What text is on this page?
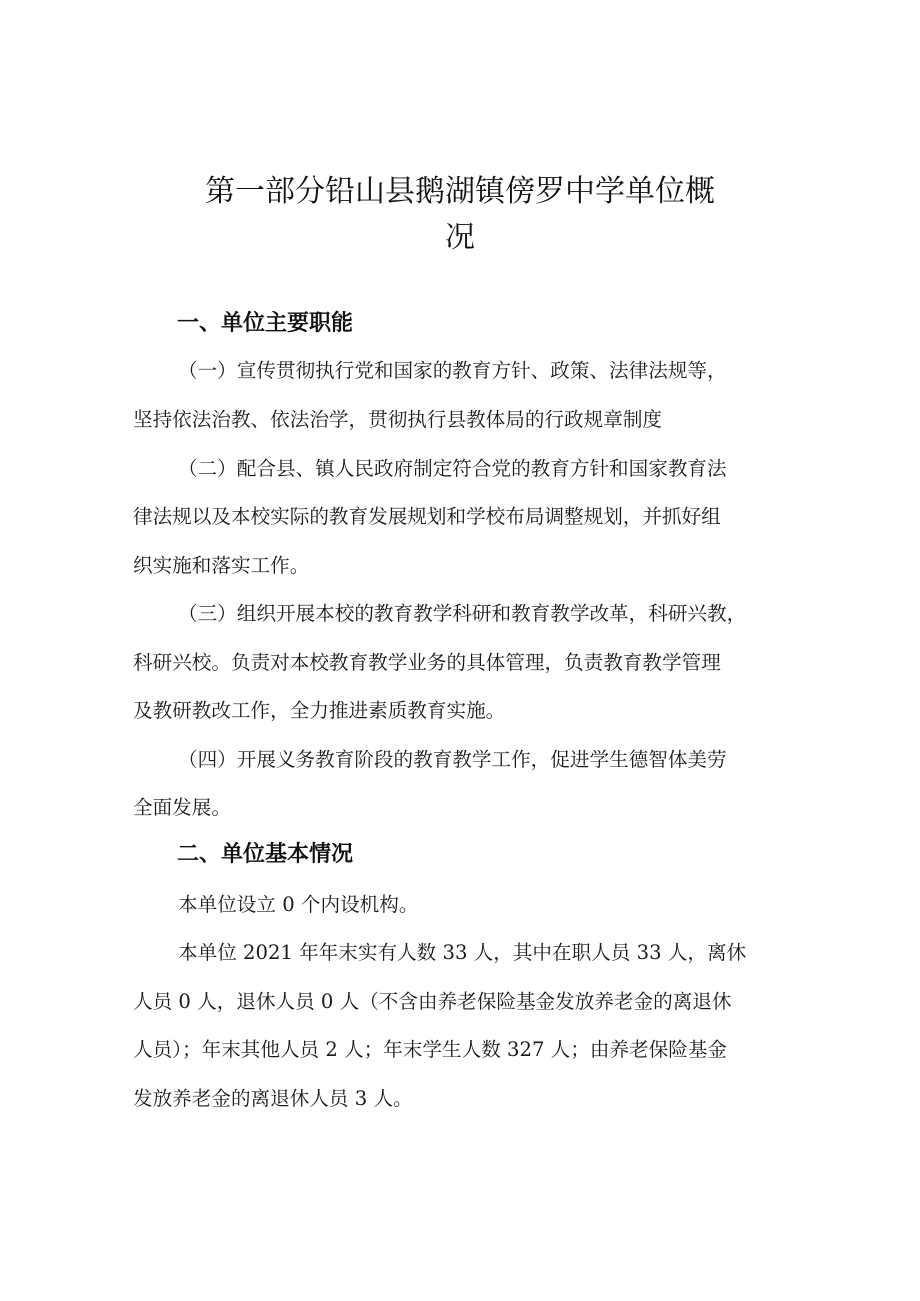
第一部分铅山县鹅湖镇傍罗中学单位概
况
一、单位主要职能

（一）宣传贯彻执行党和国家的教育方针、政策、法律法规等，

坚持依法治教、依法治学，贯彻执行县教体局的行政规章制度

（二）配合县、镇人民政府制定符合党的教育方针和国家教育法

律法规以及本校实际的教育发展规划和学校布局调整规划，并抓好组

织实施和落实工作。

（三）组织开展本校的教育教学科研和教育教学改革，科研兴教，

科研兴校。负责对本校教育教学业务的具体管理，负责教育教学管理

及教研教改工作，全力推进素质教育实施。

（四）开展义务教育阶段的教育教学工作，促进学生德智体美劳

全面发展。

二、单位基本情况

本单位设立 0 个内设机构。

本单位 2021 年年末实有人数 33 人，其中在职人员 33 人，离休

人员 0 人，退休人员 0 人（不含由养老保险基金发放养老金的离退休

人员）；年末其他人员 2 人；年末学生人数 327 人；由养老保险基金

发放养老金的离退休人员 3 人。
